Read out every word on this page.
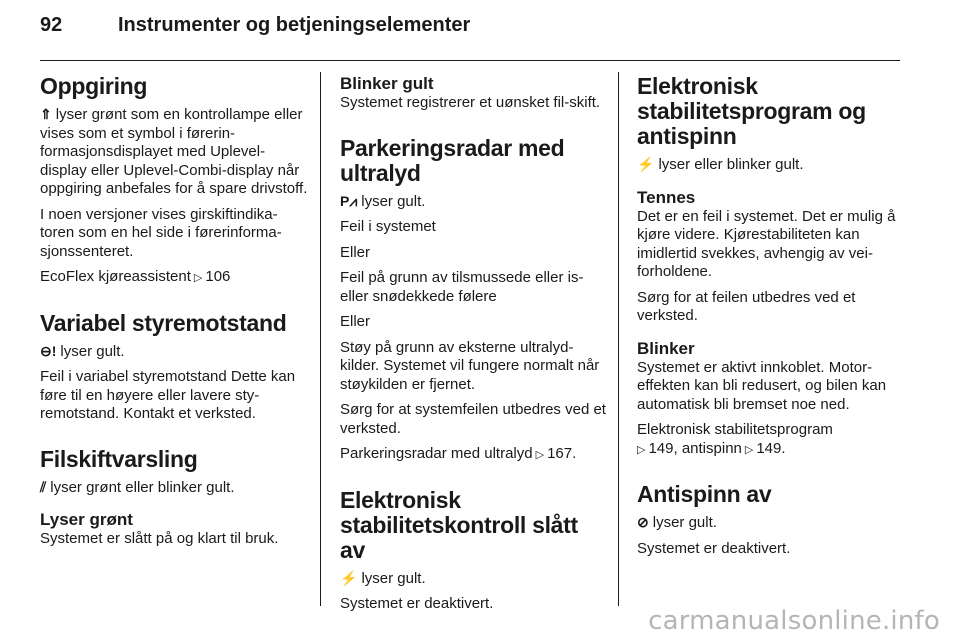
92	Instrumenter og betjeningselementer
Oppgiring

⇑ lyser grønt som en kontrollampe eller vises som et symbol i førerin-formasjonsdisplayet med Uplevel-display eller Uplevel-Combi-display når oppgiring anbefales for å spare drivstoff.

I noen versjoner vises girskiftindika-toren som en hel side i førerinforma-sjonssenteret.

EcoFlex kjøreassistent ▷ 106

Variabel styremotstand

⊖! lyser gult.

Feil i variabel styremotstand Dette kan føre til en høyere eller lavere sty-remotstand. Kontakt et verksted.

Filskiftvarsling

⫽ lyser grønt eller blinker gult.

Lyser grønt

Systemet er slått på og klart til bruk.

Blinker gult

Systemet registrerer et uønsket fil-skift.

Parkeringsradar med ultralyd

P⩘ lyser gult.

Feil i systemet

Eller

Feil på grunn av tilsmussede eller is-eller snødekkede følere

Eller

Støy på grunn av eksterne ultralyd-kilder. Systemet vil fungere normalt når støykilden er fjernet.

Sørg for at systemfeilen utbedres ved et verksted.

Parkeringsradar med ultralyd ▷ 167.

Elektronisk stabilitetskontroll slått av

⚡ lyser gult.

Systemet er deaktivert.

Elektronisk stabilitetsprogram og antispinn

⚡ lyser eller blinker gult.

Tennes

Det er en feil i systemet. Det er mulig å kjøre videre. Kjørestabiliteten kan imidlertid svekkes, avhengig av vei-forholdene.

Sørg for at feilen utbedres ved et verksted.

Blinker

Systemet er aktivt innkoblet. Motor-effekten kan bli redusert, og bilen kan automatisk bli bremset noe ned.

Elektronisk stabilitetsprogram
▷ 149, antispinn ▷ 149.

Antispinn av

⊘ lyser gult.

Systemet er deaktivert.

carmanualsonline.info
